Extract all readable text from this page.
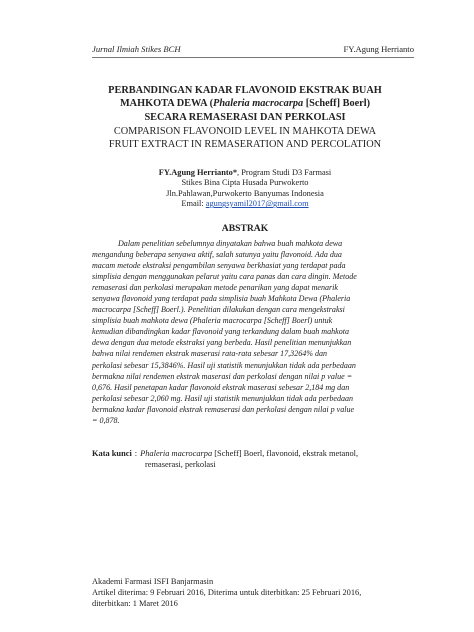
Jurnal Ilmiah Stikes BCH	FY.Agung Herrianto
PERBANDINGAN KADAR FLAVONOID EKSTRAK BUAH
MAHKOTA DEWA (Phaleria macrocarpa [Scheff] Boerl)
SECARA REMASERASI DAN PERKOLASI
COMPARISON FLAVONOID LEVEL IN MAHKOTA DEWA
FRUIT EXTRACT IN REMASERATION AND PERCOLATION
FY.Agung Herrianto*, Program Studi D3 Farmasi
Stikes Bina Cipta Husada Purwokerto
Jln.Pahlawan,Purwokerto Banyumas Indonesia
Email: agungsyamil2017@gmail.com
ABSTRAK
Dalam penelitian sebelumnya dinyatakan bahwa buah mahkota dewa
mengandung beberapa senyawa aktif, salah satunya yaitu flavonoid. Ada dua
macam metode ekstraksi pengambilan senyawa berkhasiat yang terdapat pada
simplisia dengan menggunakan pelarut yaitu cara panas dan cara dingin. Metode
remaserasi dan perkolasi merupakan metode penarikan yang dapat menarik
senyawa flavonoid yang terdapat pada simplisia buah Mahkota Dewa (Phaleria
macrocarpa [Scheff] Boerl.). Penelitian dilakukan dengan cara mengekstraksi
simplisia buah mahkota dewa (Phaleria macrocarpa [Scheff] Boerl) untuk
kemudian dibandingkan kadar flavonoid yang terkandung dalam buah mahkota
dewa dengan dua metode ekstraksi yang berbeda. Hasil penelitian menunjukkan
bahwa nilai rendemen ekstrak maserasi rata-rata sebesar 17,3264% dan
perkolasi sebesar 15,3846%. Hasil uji statistik menunjukkan tidak ada perbedaan
bermakna nilai rendemen ekstrak maserasi dan perkolasi dengan nilai p value =
0,676. Hasil penetapan kadar flavonoid ekstrak maserasi sebesar 2,184 mg dan
perkolasi sebesar 2,060 mg. Hasil uji statistik menunjukkan tidak ada perbedaan
bermakna kadar flavonoid ekstrak remaserasi dan perkolasi dengan nilai p value
= 0,878.
Kata kunci : Phaleria macrocarpa [Scheff] Boerl, flavonoid, ekstrak metanol,
remaserasi, perkolasi
Akademi Farmasi ISFI Banjarmasin
Artikel diterima: 9 Februari 2016, Diterima untuk diterbitkan: 25 Februari 2016,
diterbitkan: 1 Maret 2016
